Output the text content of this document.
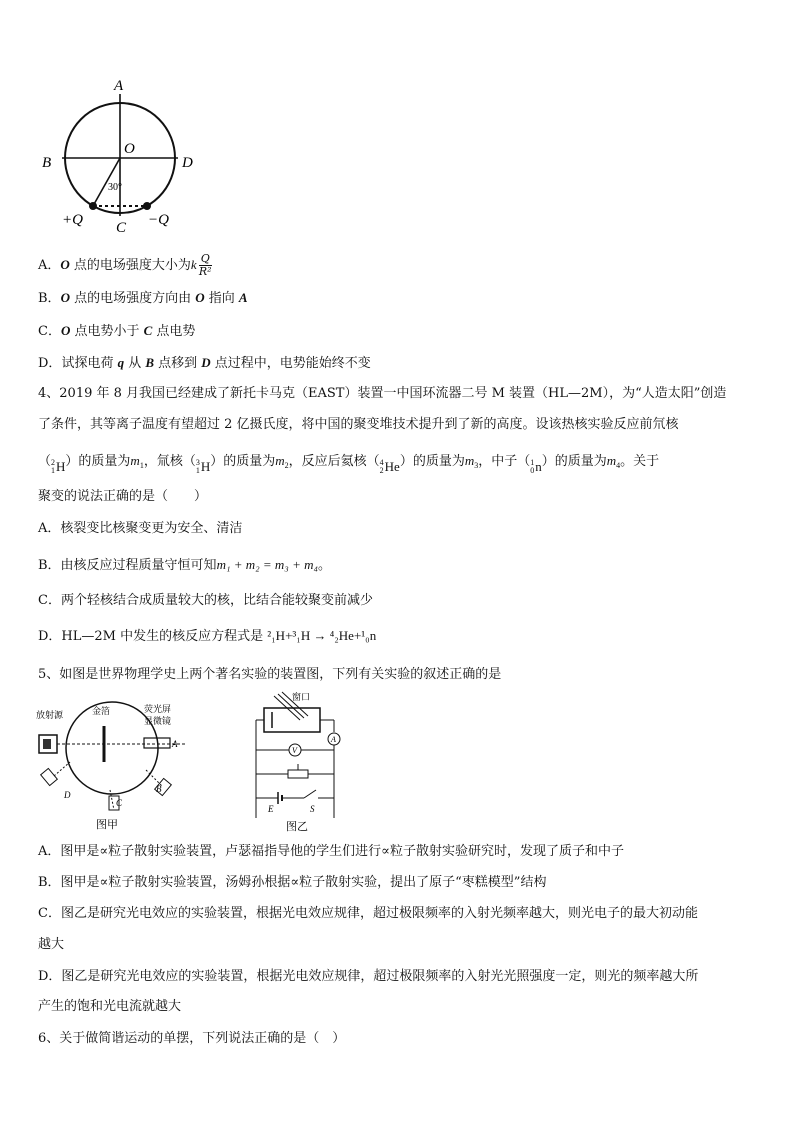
A
B
O
D
30°
+Q C −Q
A．O 点的电场强度大小为k $\frac{Q}{\text{R²}}$
B．O 点的电场强度方向由 O 指向 A
C．O 点电势小于 C 点电势
D．试探电荷 q 从 B 点移到 D 点过程中，电势能始终不变
4、2019 年 8 月我国已经建成了新托卡马克（EAST）装置一中国环流器二号 M 装置（HL—2M），为“人造太阳”创造
了条件，其等离子温度有望超过 2 亿摄氏度，将中国的聚变堆技术提升到了新的高度。设该热核实验反应前氘核
（ 2
1 H ）的质量为$m_1$，氚核（ 3
1 H ）的质量为$m_2$，反应后氦核（ 4
2 He ）的质量为$m_3$，中子（ 1
0 n ）的质量为$m_4$。关于
聚变的说法正确的是（　　）
A．核裂变比核聚变更为安全、清洁
B．由核反应过程质量守恒可知m₁ + m₂ = m₃ + m₄。
C．两个轻核结合成质量较大的核，比结合能较聚变前减少
D．HL—2M 中发生的核反应方程式是 ²₁H+³₁H → ⁴₂He+¹₀n
5、如图是世界物理学史上两个著名实验的装置图，下列有关实验的叙述正确的是
放射源	金箔	荧光屏
显微镜
A
D
C
B
图甲
窗口
V
A
E	S
图乙
A．图甲是∝粒子散射实验装置，卢瑟福指导他的学生们进行∝粒子散射实验研究时，发现了质子和中子
B．图甲是∝粒子散射实验装置，汤姆孙根据∝粒子散射实验，提出了原子“枣糕模型”结构
C．图乙是研究光电效应的实验装置，根据光电效应规律，超过极限频率的入射光频率越大，则光电子的最大初动能
越大
D．图乙是研究光电效应的实验装置，根据光电效应规律，超过极限频率的入射光光照强度一定，则光的频率越大所
产生的饱和光电流就越大
6、关于做简谐运动的单摆，下列说法正确的是（　）
